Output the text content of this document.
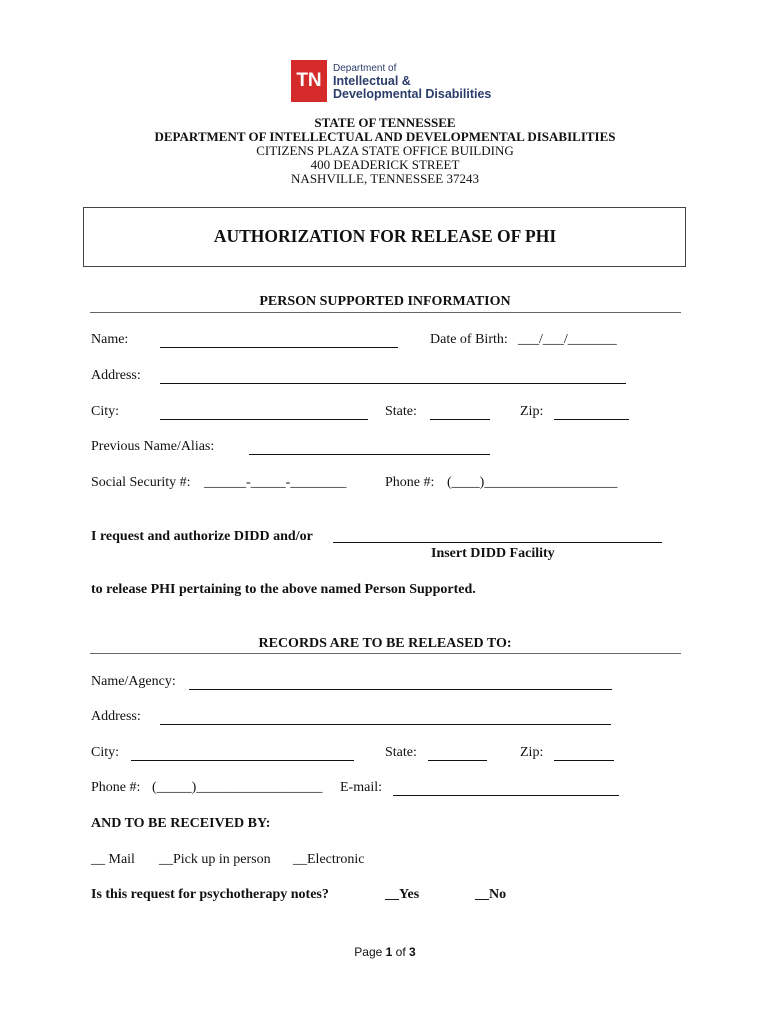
TN
Department of
Intellectual &
Developmental Disabilities
STATE OF TENNESSEE
DEPARTMENT OF INTELLECTUAL AND DEVELOPMENTAL DISABILITIES
CITIZENS PLAZA STATE OFFICE BUILDING
400 DEADERICK STREET
NASHVILLE, TENNESSEE 37243
AUTHORIZATION FOR RELEASE OF PHI
PERSON SUPPORTED INFORMATION
Name:	Date of Birth: ___/___/_______
Address:
City:	State:	Zip:
Previous Name/Alias:
Social Security #: ______-_____-________	Phone #: (____)___________________
I request and authorize DIDD and/or
Insert DIDD Facility
to release PHI pertaining to the above named Person Supported.
RECORDS ARE TO BE RELEASED TO:
Name/Agency:
Address:
City:	State:	Zip:
Phone #: (_____)__________________ E-mail:
AND TO BE RECEIVED BY:
__ Mail __Pick up in person __Electronic
Is this request for psychotherapy notes?	__Yes	__No
Page 1 of 3
